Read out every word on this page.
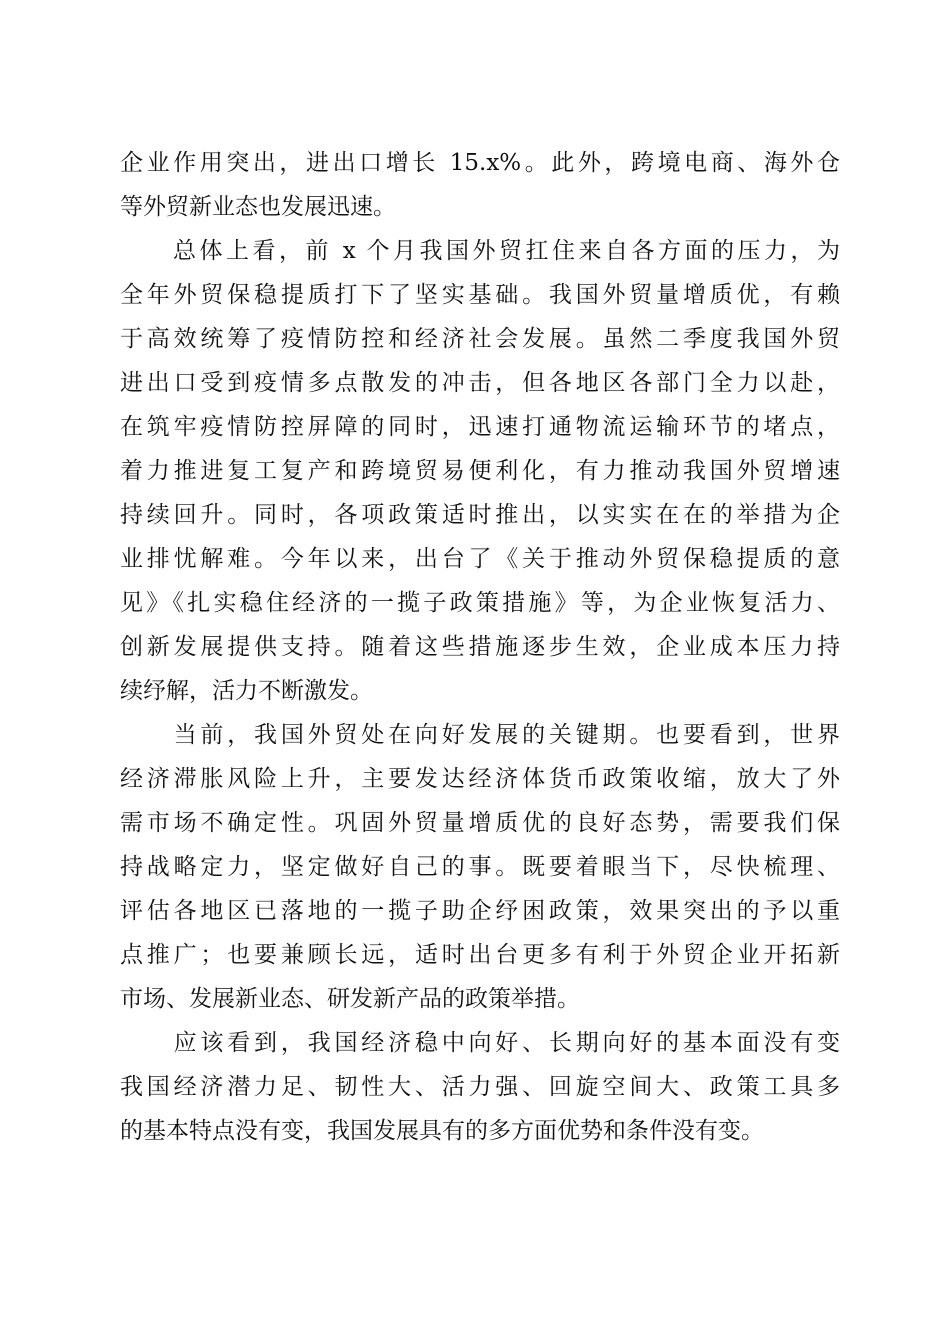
企业作用突出，进出口增长 15.x%。此外，跨境电商、海外仓
等外贸新业态也发展迅速。
　　总体上看，前 x 个月我国外贸扛住来自各方面的压力，为
全年外贸保稳提质打下了坚实基础。我国外贸量增质优，有赖
于高效统筹了疫情防控和经济社会发展。虽然二季度我国外贸
进出口受到疫情多点散发的冲击，但各地区各部门全力以赴，
在筑牢疫情防控屏障的同时，迅速打通物流运输环节的堵点，
着力推进复工复产和跨境贸易便利化，有力推动我国外贸增速
持续回升。同时，各项政策适时推出，以实实在在的举措为企
业排忧解难。今年以来，出台了《关于推动外贸保稳提质的意
见》《扎实稳住经济的一揽子政策措施》等，为企业恢复活力、
创新发展提供支持。随着这些措施逐步生效，企业成本压力持
续纾解，活力不断激发。
　　当前，我国外贸处在向好发展的关键期。也要看到，世界
经济滞胀风险上升，主要发达经济体货币政策收缩，放大了外
需市场不确定性。巩固外贸量增质优的良好态势，需要我们保
持战略定力，坚定做好自己的事。既要着眼当下，尽快梳理、
评估各地区已落地的一揽子助企纾困政策，效果突出的予以重
点推广；也要兼顾长远，适时出台更多有利于外贸企业开拓新
市场、发展新业态、研发新产品的政策举措。
　　应该看到，我国经济稳中向好、长期向好的基本面没有变
我国经济潜力足、韧性大、活力强、回旋空间大、政策工具多
的基本特点没有变，我国发展具有的多方面优势和条件没有变。
